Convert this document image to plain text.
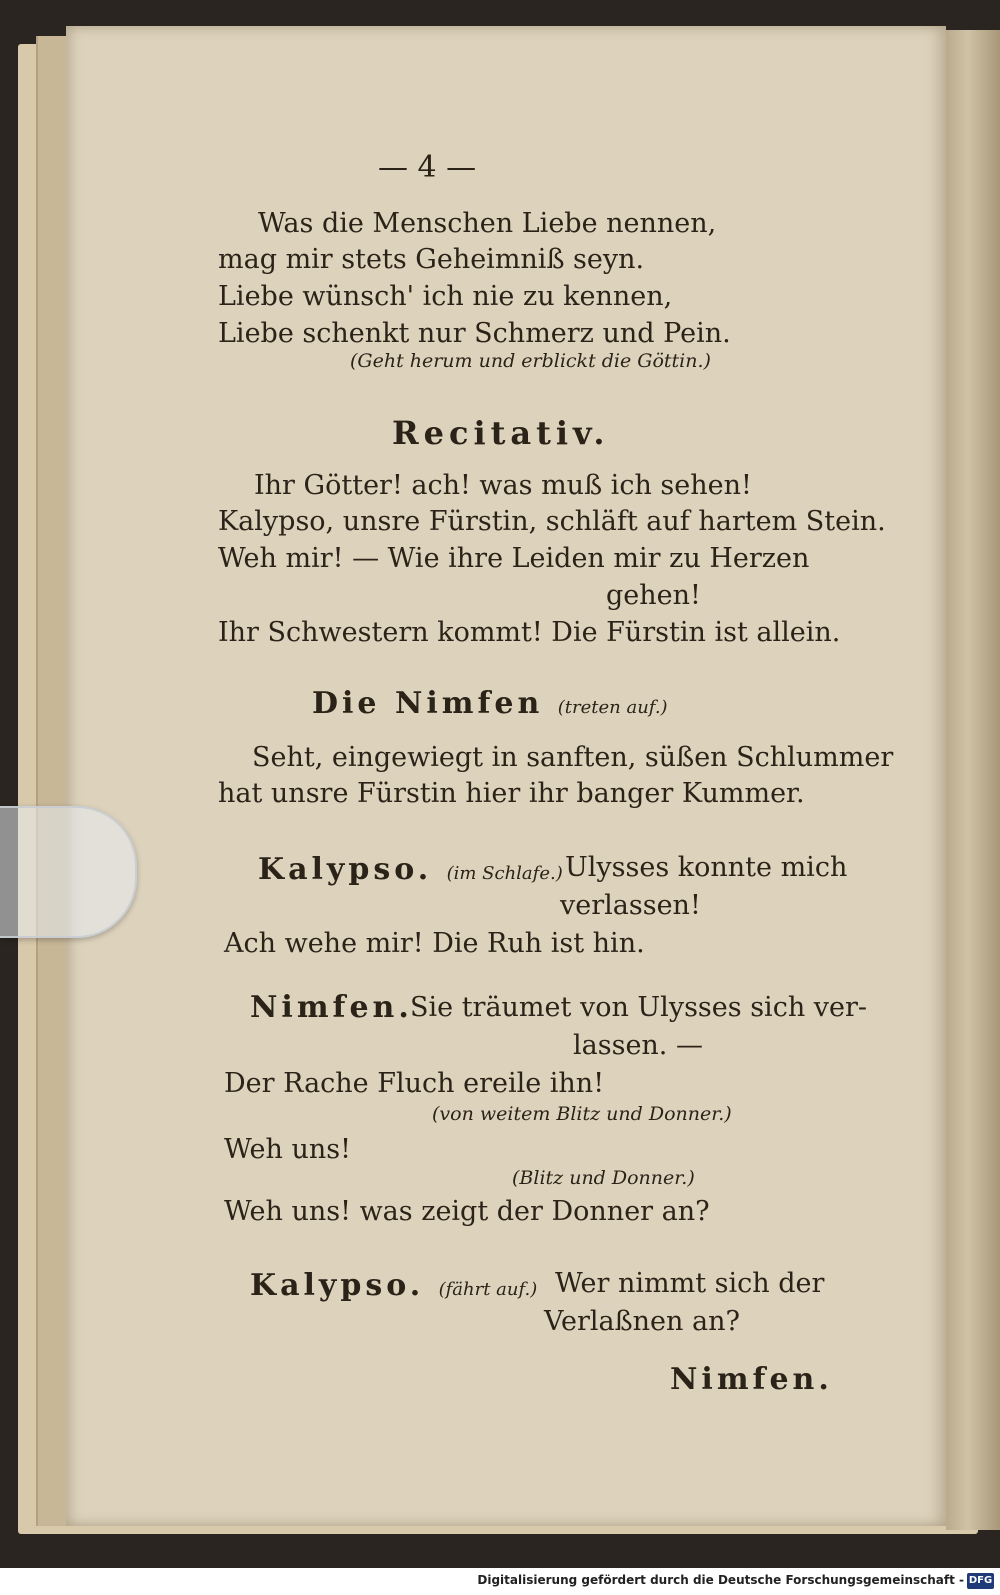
— 4 —
Was die Menschen Liebe nennen,
mag mir stets Geheimniß seyn.
Liebe wünsch' ich nie zu kennen,
Liebe schenkt nur Schmerz und Pein.
(Geht herum und erblickt die Göttin.)
Recitativ.
Ihr Götter! ach! was muß ich sehen!
Kalypso, unsre Fürstin, schläft auf hartem Stein.
Weh mir! — Wie ihre Leiden mir zu Herzen
gehen!
Ihr Schwestern kommt! Die Fürstin ist allein.
Die Nimfen (treten auf.)
Seht, eingewiegt in sanften, süßen Schlummer
hat unsre Fürstin hier ihr banger Kummer.
Kalypso. (im Schlafe.) Ulysses konnte mich
verlassen!
Ach wehe mir! Die Ruh ist hin.
Nimfen.
Sie träumet von Ulysses sich ver-
lassen. —
Der Rache Fluch ereile ihn!
(von weitem Blitz und Donner.)
Weh uns!
(Blitz und Donner.)
Weh uns! was zeigt der Donner an?
Kalypso. (fährt auf.) Wer nimmt sich der
Verlaßnen an?
Nimfen.
Digitalisierung gefördert durch die Deutsche Forschungsgemeinschaft - DFG
